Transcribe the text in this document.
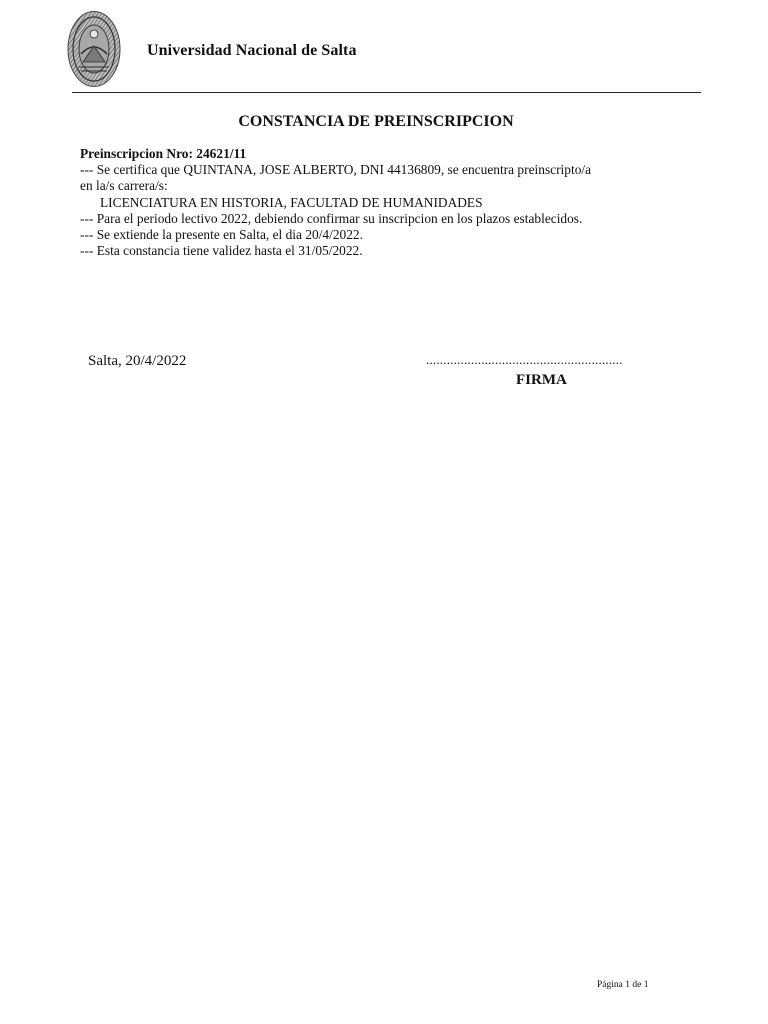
Universidad Nacional de Salta
CONSTANCIA DE PREINSCRIPCION
Preinscripcion Nro: 24621/11
--- Se certifica que QUINTANA, JOSE ALBERTO, DNI 44136809, se encuentra preinscripto/a
en la/s carrera/s:
LICENCIATURA EN HISTORIA, FACULTAD DE HUMANIDADES
--- Para el periodo lectivo 2022, debiendo confirmar su inscripcion en los plazos establecidos.
--- Se extiende la presente en Salta, el dia 20/4/2022.
--- Esta constancia tiene validez hasta el 31/05/2022.
Salta, 20/4/2022	.........................................................
FIRMA
Página 1 de 1
